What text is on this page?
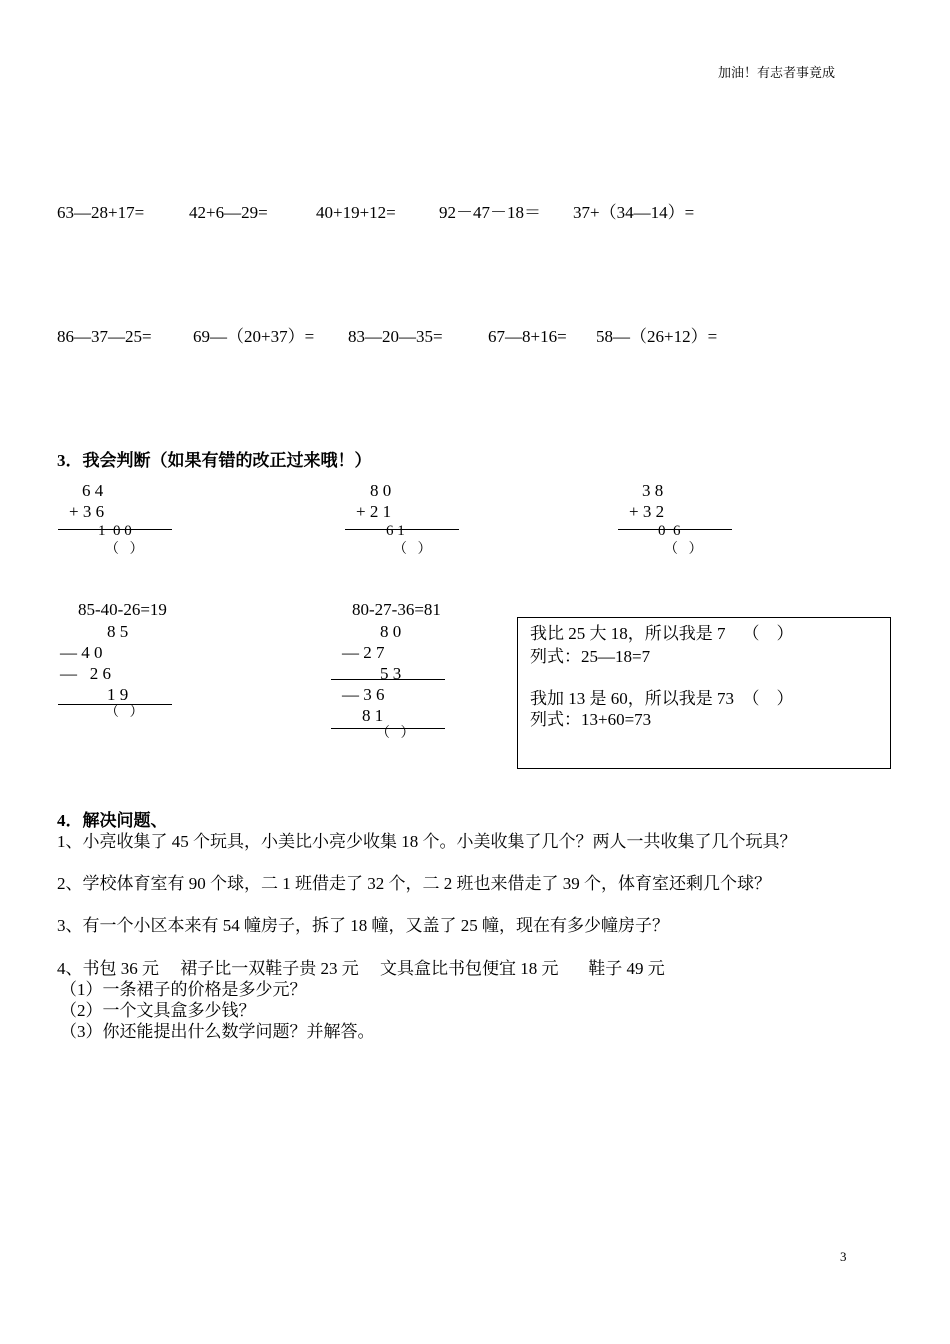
加油！有志者事竟成
63—28+17=	42+6—29=	40+19+12=	92－47－18＝ 37+（34—14）=
86—37—25= 69—（20+37）= 83—20—35=	67—8+16= 58—（26+12）=
3．我会判断（如果有错的改正过来哦！）
6 4
+ 3 6
1  0 0
（   ）
8 0
+ 2 1
6 1
（   ）
3 8
+ 3 2
0  6
（   ）
85-40-26=19
8 5
— 4 0
—   2 6
1 9
（   ）
80-27-36=81
8 0
— 2 7
5 3
— 3 6
8 1
（   ）
我比 25 大 18，所以我是 7    （    ）
列式：25—18=7
我加 13 是 60，所以我是 73  （    ）
列式：13+60=73
4．解决问题、
1、小亮收集了 45 个玩具，小美比小亮少收集 18 个。小美收集了几个？两人一共收集了几个玩具？
2、学校体育室有 90 个球，二 1 班借走了 32 个，二 2 班也来借走了 39 个，体育室还剩几个球？
3、有一个小区本来有 54 幢房子，拆了 18 幢，又盖了 25 幢，现在有多少幢房子？
4、书包 36 元     裙子比一双鞋子贵 23 元     文具盒比书包便宜 18 元       鞋子 49 元
（1）一条裙子的价格是多少元？
（2）一个文具盒多少钱？
（3）你还能提出什么数学问题？并解答。
3
